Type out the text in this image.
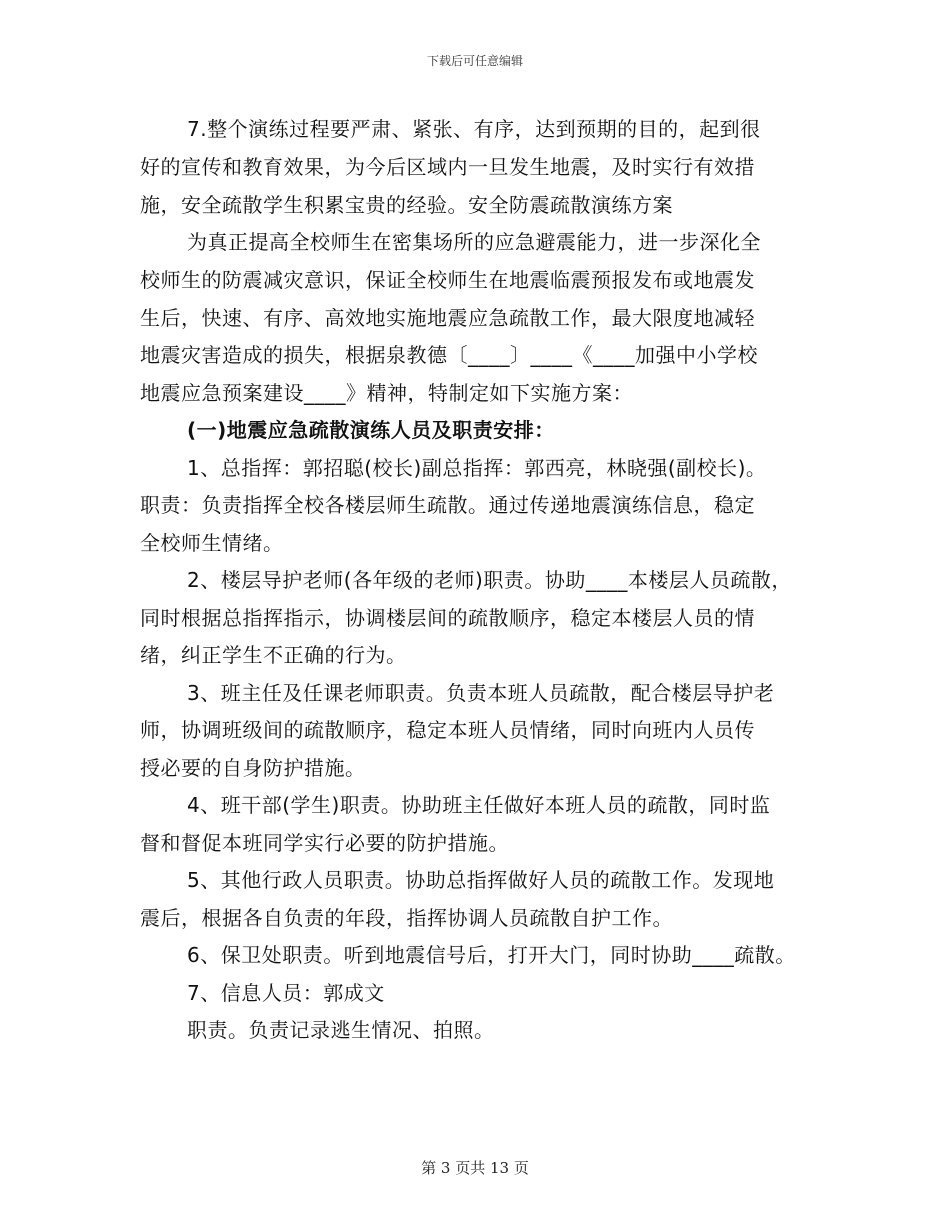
下载后可任意编辑
7.整个演练过程要严肃、紧张、有序，达到预期的目的，起到很
好的宣传和教育效果，为今后区域内一旦发生地震，及时实行有效措
施，安全疏散学生积累宝贵的经验。安全防震疏散演练方案
为真正提高全校师生在密集场所的应急避震能力，进一步深化全
校师生的防震减灾意识，保证全校师生在地震临震预报发布或地震发
生后，快速、有序、高效地实施地震应急疏散工作，最大限度地减轻
地震灾害造成的损失，根据泉教德〔____〕____《____加强中小学校
地震应急预案建设____》精神，特制定如下实施方案：
(一)地震应急疏散演练人员及职责安排：
1、总指挥：郭招聪(校长)副总指挥：郭西亮，林晓强(副校长)。
职责：负责指挥全校各楼层师生疏散。通过传递地震演练信息，稳定
全校师生情绪。
2、楼层导护老师(各年级的老师)职责。协助____本楼层人员疏散，
同时根据总指挥指示，协调楼层间的疏散顺序，稳定本楼层人员的情
绪，纠正学生不正确的行为。
3、班主任及任课老师职责。负责本班人员疏散，配合楼层导护老
师，协调班级间的疏散顺序，稳定本班人员情绪，同时向班内人员传
授必要的自身防护措施。
4、班干部(学生)职责。协助班主任做好本班人员的疏散，同时监
督和督促本班同学实行必要的防护措施。
5、其他行政人员职责。协助总指挥做好人员的疏散工作。发现地
震后，根据各自负责的年段，指挥协调人员疏散自护工作。
6、保卫处职责。听到地震信号后，打开大门，同时协助____疏散。
7、信息人员：郭成文
职责。负责记录逃生情况、拍照。
第 3 页共 13 页
